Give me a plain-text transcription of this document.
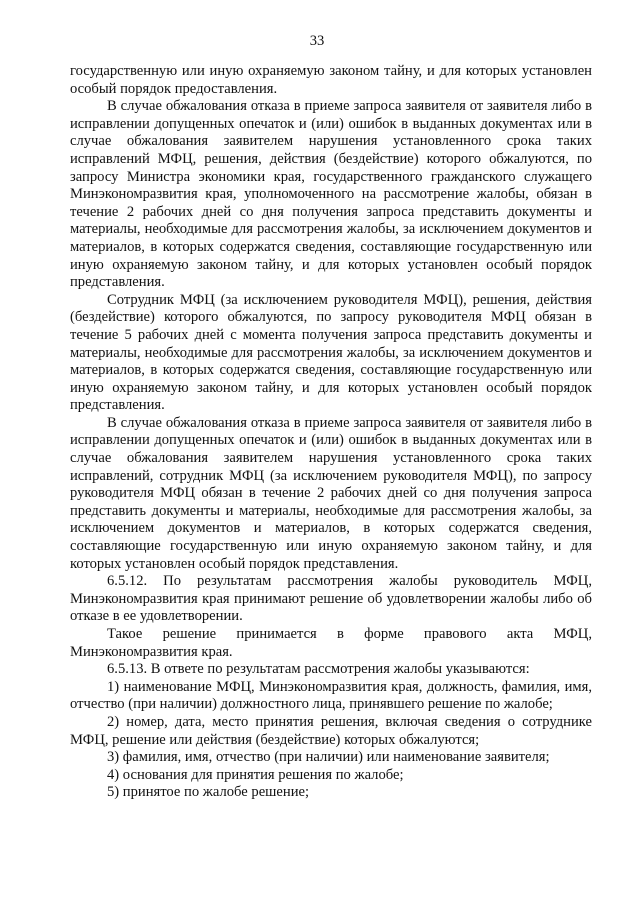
33

государственную или иную охраняемую законом тайну, и для которых установлен особый порядок предоставления.

В случае обжалования отказа в приеме запроса заявителя от заявителя либо в исправлении допущенных опечаток и (или) ошибок в выданных документах или в случае обжалования заявителем нарушения установленного срока таких исправлений МФЦ, решения, действия (бездействие) которого обжалуются, по запросу Министра экономики края, государственного гражданского служащего Минэкономразвития края, уполномоченного на рассмотрение жалобы, обязан в течение 2 рабочих дней со дня получения запроса представить документы и материалы, необходимые для рассмотрения жалобы, за исключением документов и материалов, в которых содержатся сведения, составляющие государственную или иную охраняемую законом тайну, и для которых установлен особый порядок представления.

Сотрудник МФЦ (за исключением руководителя МФЦ), решения, действия (бездействие) которого обжалуются, по запросу руководителя МФЦ обязан в течение 5 рабочих дней с момента получения запроса представить документы и материалы, необходимые для рассмотрения жалобы, за исключением документов и материалов, в которых содержатся сведения, составляющие государственную или иную охраняемую законом тайну, и для которых установлен особый порядок представления.

В случае обжалования отказа в приеме запроса заявителя от заявителя либо в исправлении допущенных опечаток и (или) ошибок в выданных документах или в случае обжалования заявителем нарушения установленного срока таких исправлений, сотрудник МФЦ (за исключением руководителя МФЦ), по запросу руководителя МФЦ обязан в течение 2 рабочих дней со дня получения запроса представить документы и материалы, необходимые для рассмотрения жалобы, за исключением документов и материалов, в которых содержатся сведения, составляющие государственную или иную охраняемую законом тайну, и для которых установлен особый порядок представления.

6.5.12. По результатам рассмотрения жалобы руководитель МФЦ, Минэкономразвития края принимают решение об удовлетворении жалобы либо об отказе в ее удовлетворении.

Такое решение принимается в форме правового акта МФЦ, Минэкономразвития края.

6.5.13. В ответе по результатам рассмотрения жалобы указываются:

1) наименование МФЦ, Минэкономразвития края, должность, фамилия, имя, отчество (при наличии) должностного лица, принявшего решение по жалобе;

2) номер, дата, место принятия решения, включая сведения о сотруднике МФЦ, решение или действия (бездействие) которых обжалуются;

3) фамилия, имя, отчество (при наличии) или наименование заявителя;

4) основания для принятия решения по жалобе;

5) принятое по жалобе решение;
